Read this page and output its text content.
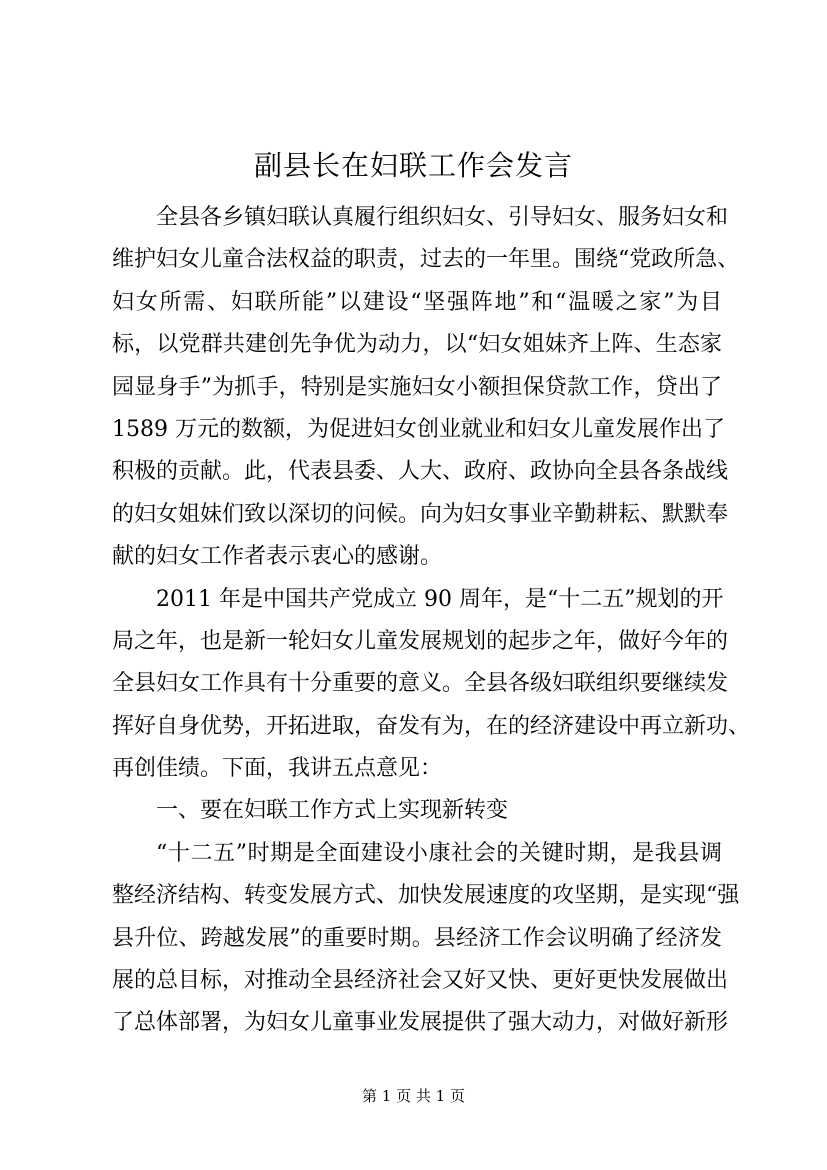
副县长在妇联工作会发言
全县各乡镇妇联认真履行组织妇女、引导妇女、服务妇女和
维护妇女儿童合法权益的职责，过去的一年里。围绕“党政所急、
妇女所需、妇联所能”以建设“坚强阵地”和“温暖之家”为目
标，以党群共建创先争优为动力，以“妇女姐妹齐上阵、生态家
园显身手”为抓手，特别是实施妇女小额担保贷款工作，贷出了
1589 万元的数额，为促进妇女创业就业和妇女儿童发展作出了
积极的贡献。此，代表县委、人大、政府、政协向全县各条战线
的妇女姐妹们致以深切的问候。向为妇女事业辛勤耕耘、默默奉
献的妇女工作者表示衷心的感谢。
2011 年是中国共产党成立 90 周年，是“十二五”规划的开
局之年，也是新一轮妇女儿童发展规划的起步之年，做好今年的
全县妇女工作具有十分重要的意义。全县各级妇联组织要继续发
挥好自身优势，开拓进取，奋发有为，在的经济建设中再立新功、
再创佳绩。下面，我讲五点意见：
一、要在妇联工作方式上实现新转变
“十二五”时期是全面建设小康社会的关键时期，是我县调
整经济结构、转变发展方式、加快发展速度的攻坚期，是实现“强
县升位、跨越发展”的重要时期。县经济工作会议明确了经济发
展的总目标，对推动全县经济社会又好又快、更好更快发展做出
了总体部署，为妇女儿童事业发展提供了强大动力，对做好新形
第 1 页 共 1 页
